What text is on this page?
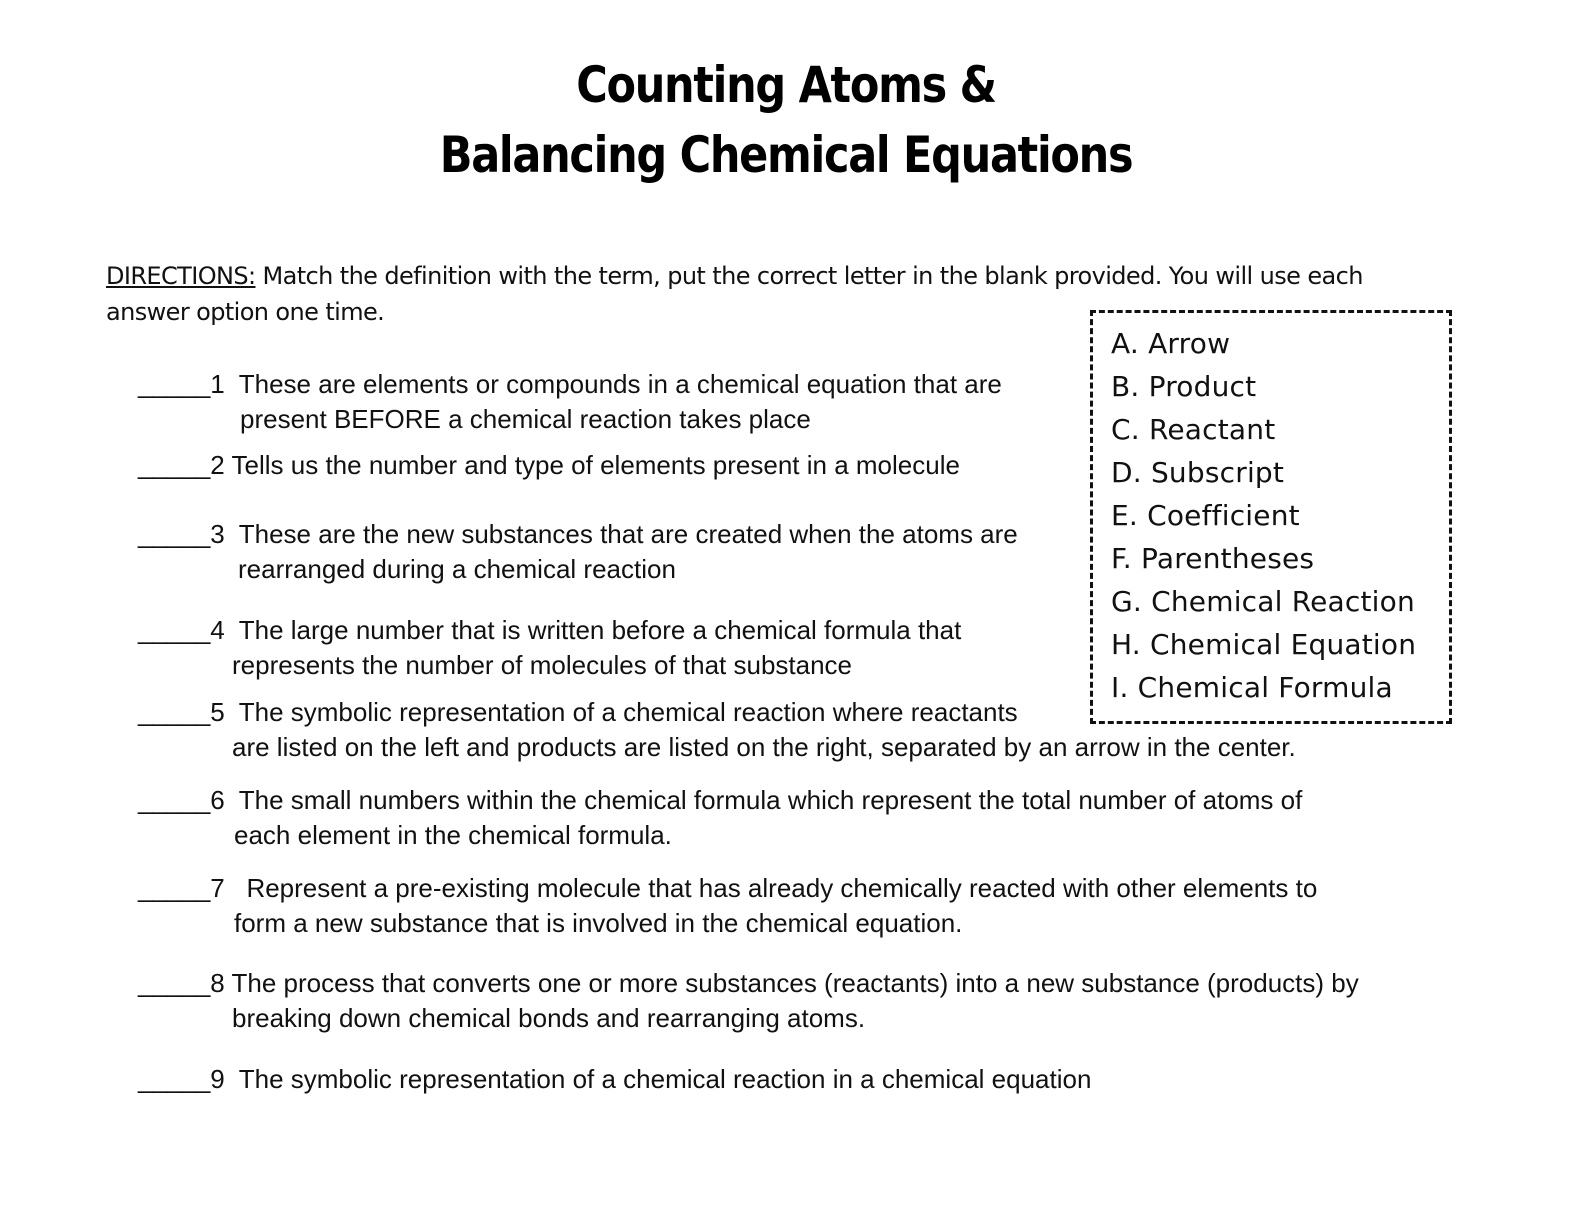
Counting Atoms &
Balancing Chemical Equations
DIRECTIONS: Match the definition with the term, put the correct letter in the blank provided. You will use each answer option one time.
A. Arrow
B. Product
C. Reactant
D. Subscript
E. Coefficient
F. Parentheses
G. Chemical Reaction
H. Chemical Equation
I. Chemical Formula
_____1 These are elements or compounds in a chemical equation that are
present BEFORE a chemical reaction takes place
_____2 Tells us the number and type of elements present in a molecule
_____3 These are the new substances that are created when the atoms are
rearranged during a chemical reaction
_____4 The large number that is written before a chemical formula that
represents the number of molecules of that substance
_____5 The symbolic representation of a chemical reaction where reactants
are listed on the left and products are listed on the right, separated by an arrow in the center.
_____6 The small numbers within the chemical formula which represent the total number of atoms of
each element in the chemical formula.
_____7 Represent a pre-existing molecule that has already chemically reacted with other elements to
form a new substance that is involved in the chemical equation.
_____8 The process that converts one or more substances (reactants) into a new substance (products) by
breaking down chemical bonds and rearranging atoms.
_____9 The symbolic representation of a chemical reaction in a chemical equation
